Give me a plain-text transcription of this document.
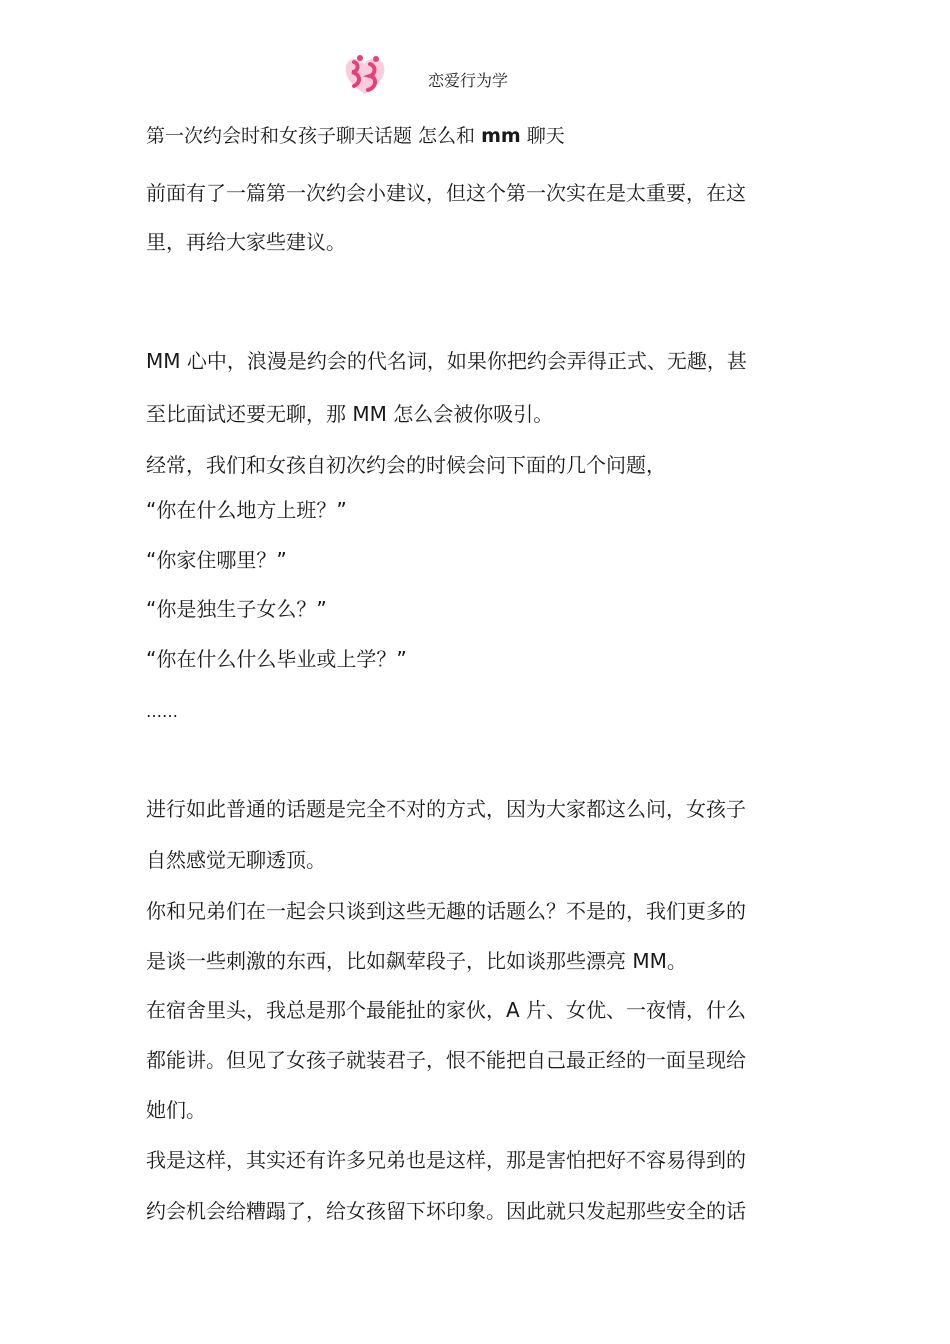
恋爱行为学
第一次约会时和女孩子聊天话题 怎么和 mm 聊天
前面有了一篇第一次约会小建议，但这个第一次实在是太重要，在这
里，再给大家些建议。
MM 心中，浪漫是约会的代名词，如果你把约会弄得正式、无趣，甚
至比面试还要无聊，那 MM 怎么会被你吸引。
经常，我们和女孩自初次约会的时候会问下面的几个问题，
“你在什么地方上班？”
“你家住哪里？”
“你是独生子女么？”
“你在什么什么毕业或上学？”
……
进行如此普通的话题是完全不对的方式，因为大家都这么问，女孩子
自然感觉无聊透顶。
你和兄弟们在一起会只谈到这些无趣的话题么？不是的，我们更多的
是谈一些刺激的东西，比如飙荤段子，比如谈那些漂亮 MM。
在宿舍里头，我总是那个最能扯的家伙，A 片、女优、一夜情，什么
都能讲。但见了女孩子就装君子，恨不能把自己最正经的一面呈现给
她们。
我是这样，其实还有许多兄弟也是这样，那是害怕把好不容易得到的
约会机会给糟蹋了，给女孩留下坏印象。因此就只发起那些安全的话
